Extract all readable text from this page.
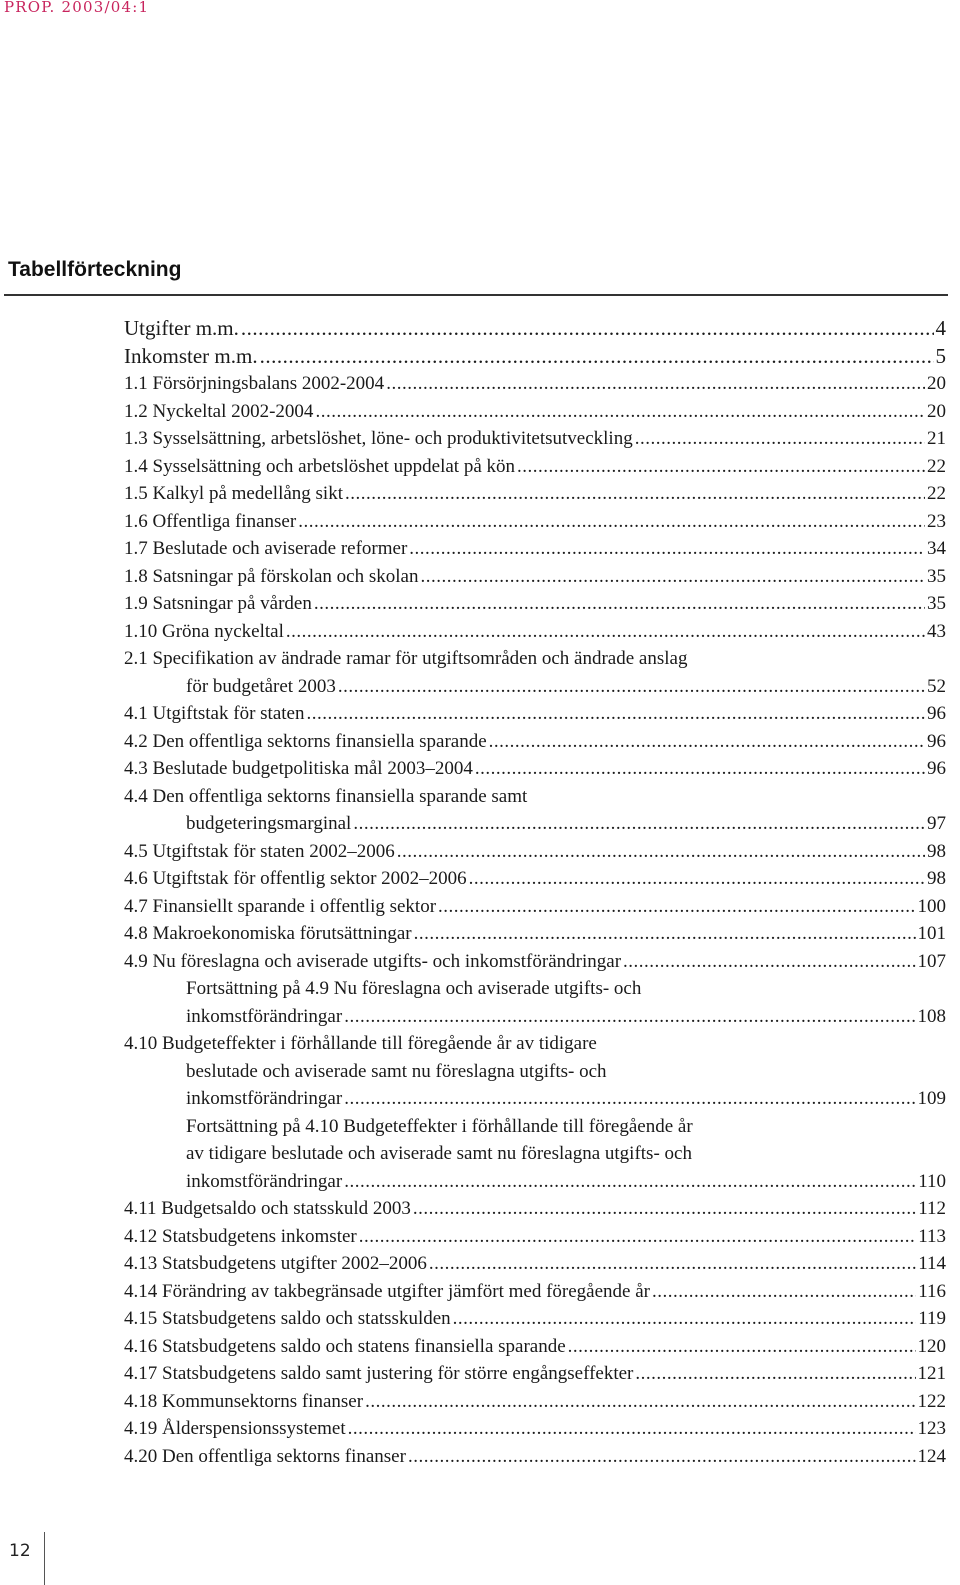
PROP. 2003/04:1
Tabellförteckning
Utgifter m.m. .....	4
Inkomster m.m. .....	5
1.1 Försörjningsbalans 2002-2004 .....	20
1.2 Nyckeltal 2002-2004 .....	20
1.3 Sysselsättning, arbetslöshet, löne- och produktivitetsutveckling .....	21
1.4 Sysselsättning och arbetslöshet uppdelat på kön .....	22
1.5 Kalkyl på medellång sikt .....	22
1.6 Offentliga finanser .....	23
1.7 Beslutade och aviserade reformer .....	34
1.8 Satsningar på förskolan och skolan .....	35
1.9 Satsningar på vården .....	35
1.10 Gröna nyckeltal .....	43
2.1 Specifikation av ändrade ramar för utgiftsområden och ändrade anslag
för budgetåret 2003 .....	52
4.1 Utgiftstak för staten .....	96
4.2 Den offentliga sektorns finansiella sparande .....	96
4.3 Beslutade budgetpolitiska mål 2003–2004 .....	96
4.4 Den offentliga sektorns finansiella sparande samt
budgeteringsmarginal .....	97
4.5 Utgiftstak för staten 2002–2006 .....	98
4.6 Utgiftstak för offentlig sektor 2002–2006 .....	98
4.7 Finansiellt sparande i offentlig sektor .....	100
4.8 Makroekonomiska förutsättningar .....	101
4.9 Nu föreslagna och aviserade utgifts- och inkomstförändringar .....	107
Fortsättning på 4.9 Nu föreslagna och aviserade utgifts- och
inkomstförändringar .....	108
4.10 Budgeteffekter i förhållande till föregående år av tidigare
beslutade och aviserade samt nu föreslagna utgifts- och
inkomstförändringar .....	109
Fortsättning på 4.10 Budgeteffekter i förhållande till föregående år
av tidigare beslutade och aviserade samt nu föreslagna utgifts- och
inkomstförändringar .....	110
4.11 Budgetsaldo och statsskuld 2003 .....	112
4.12 Statsbudgetens inkomster .....	113
4.13 Statsbudgetens utgifter 2002–2006 .....	114
4.14 Förändring av takbegränsade utgifter jämfört med föregående år .....	116
4.15 Statsbudgetens saldo och statsskulden .....	119
4.16 Statsbudgetens saldo och statens finansiella sparande .....	120
4.17 Statsbudgetens saldo samt justering för större engångseffekter .....	121
4.18 Kommunsektorns finanser .....	122
4.19 Ålderspensionssystemet .....	123
4.20 Den offentliga sektorns finanser .....	124
12
